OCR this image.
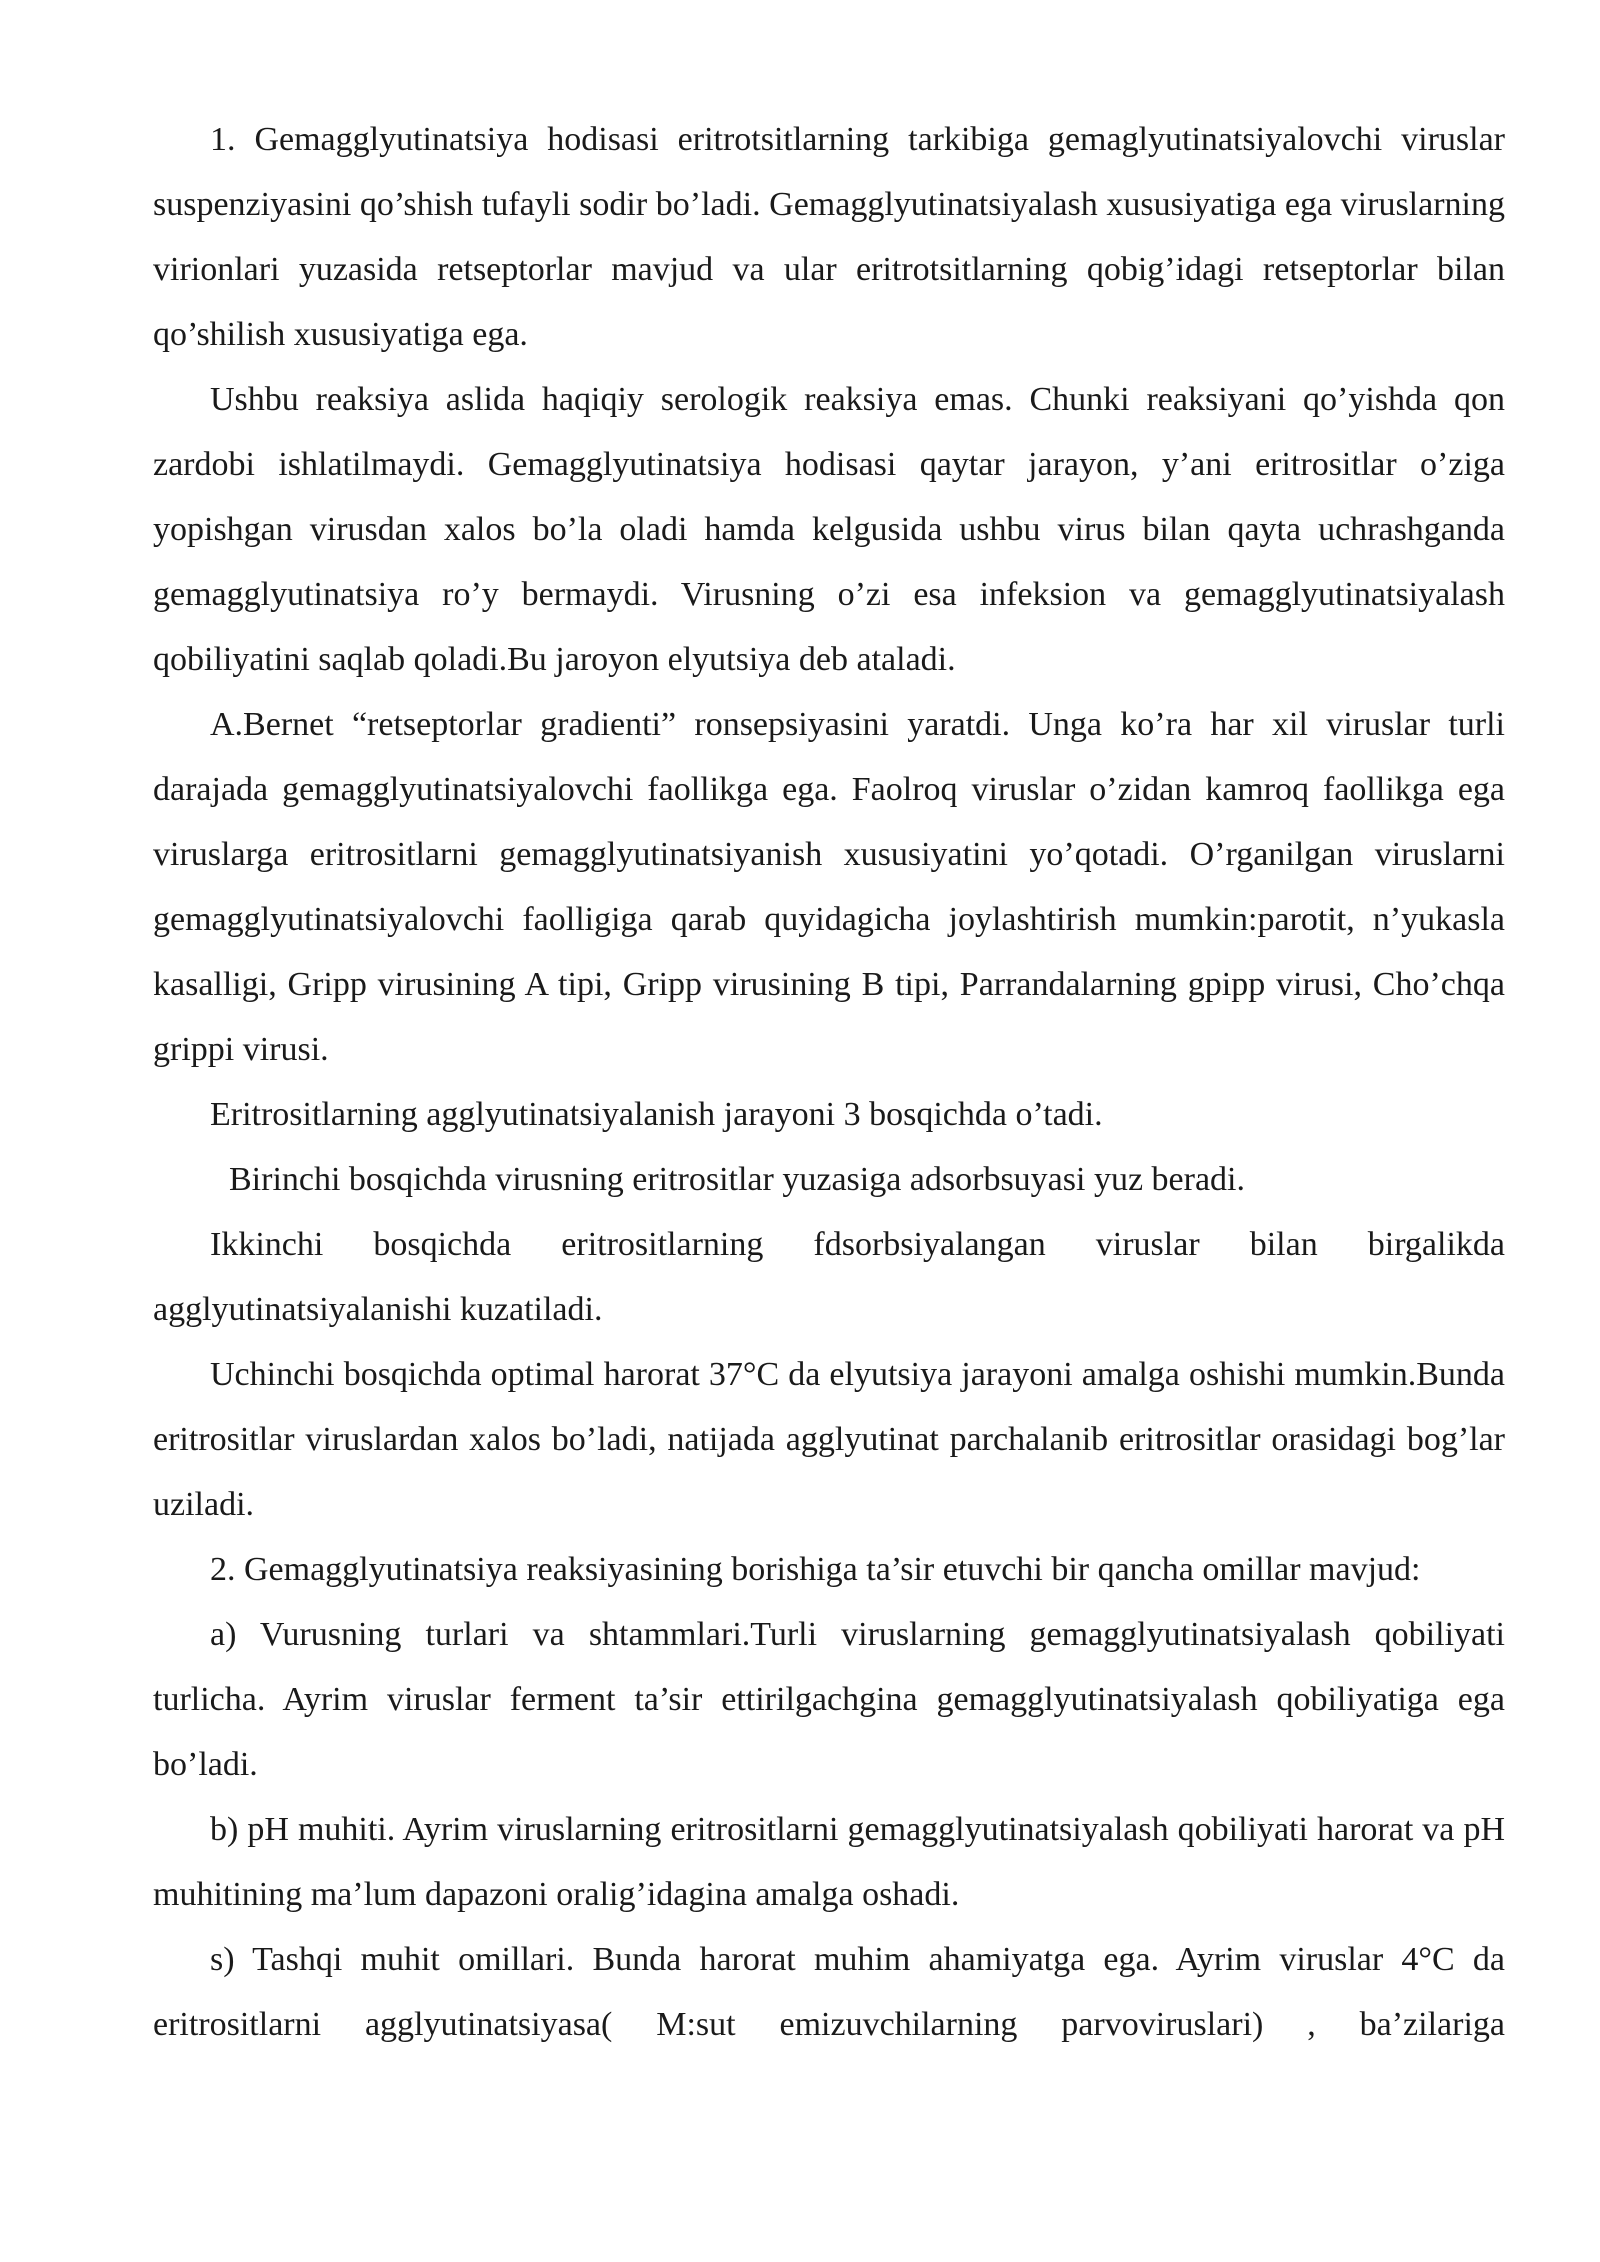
1. Gemagglyutinatsiya hodisasi eritrotsitlarning tarkibiga gemaglyutinatsiyalovchi viruslar suspenziyasini qo’shish tufayli sodir bo’ladi. Gemagglyutinatsiyalash xususiyatiga ega viruslarning virionlari yuzasida retseptorlar mavjud va ular eritrotsitlarning qobig’idagi retseptorlar bilan qo’shilish xususiyatiga ega.

Ushbu reaksiya aslida haqiqiy serologik reaksiya emas. Chunki reaksiyani qo’yishda qon zardobi ishlatilmaydi. Gemagglyutinatsiya hodisasi qaytar jarayon, y’ani eritrositlar o’ziga yopishgan virusdan xalos bo’la oladi hamda kelgusida ushbu virus bilan qayta uchrashganda gemagglyutinatsiya ro’y bermaydi. Virusning o’zi esa infeksion va gemagglyutinatsiyalash qobiliyatini saqlab qoladi.Bu jaroyon elyutsiya deb ataladi.

A.Bernet “retseptorlar gradienti” ronsepsiyasini yaratdi. Unga ko’ra har xil viruslar turli darajada gemagglyutinatsiyalovchi faollikga ega. Faolroq viruslar o’zidan kamroq faollikga ega viruslarga eritrositlarni gemagglyutinatsiyanish xususiyatini yo’qotadi. O’rganilgan viruslarni gemagglyutinatsiyalovchi faolligiga qarab quyidagicha joylashtirish mumkin:parotit, n’yukasla kasalligi, Gripp virusining A tipi, Gripp virusining B tipi, Parrandalarning gpipp virusi, Cho’chqa grippi virusi.

Eritrositlarning agglyutinatsiyalanish jarayoni 3 bosqichda o’tadi.

Birinchi bosqichda virusning eritrositlar yuzasiga adsorbsuyasi yuz beradi.

Ikkinchi bosqichda eritrositlarning fdsorbsiyalangan viruslar bilan birgalikda agglyutinatsiyalanishi kuzatiladi.

Uchinchi bosqichda optimal harorat 37°C da elyutsiya jarayoni amalga oshishi mumkin.Bunda eritrositlar viruslardan xalos bo’ladi, natijada agglyutinat parchalanib eritrositlar orasidagi bog’lar uziladi.

2. Gemagglyutinatsiya reaksiyasining borishiga ta’sir etuvchi bir qancha omillar mavjud:

a) Vurusning turlari va shtammlari.Turli viruslarning gemagglyutinatsiyalash qobiliyati turlicha. Ayrim viruslar ferment ta’sir ettirilgachgina gemagglyutinatsiyalash qobiliyatiga ega bo’ladi.

b) pH muhiti. Ayrim viruslarning eritrositlarni gemagglyutinatsiyalash qobiliyati harorat va pH muhitining ma’lum dapazoni oralig’idagina amalga oshadi.

s) Tashqi muhit omillari. Bunda harorat muhim ahamiyatga ega. Ayrim viruslar 4°C da eritrositlarni agglyutinatsiyasa( M:sut emizuvchilarning parvoviruslari) , ba’zilariga
